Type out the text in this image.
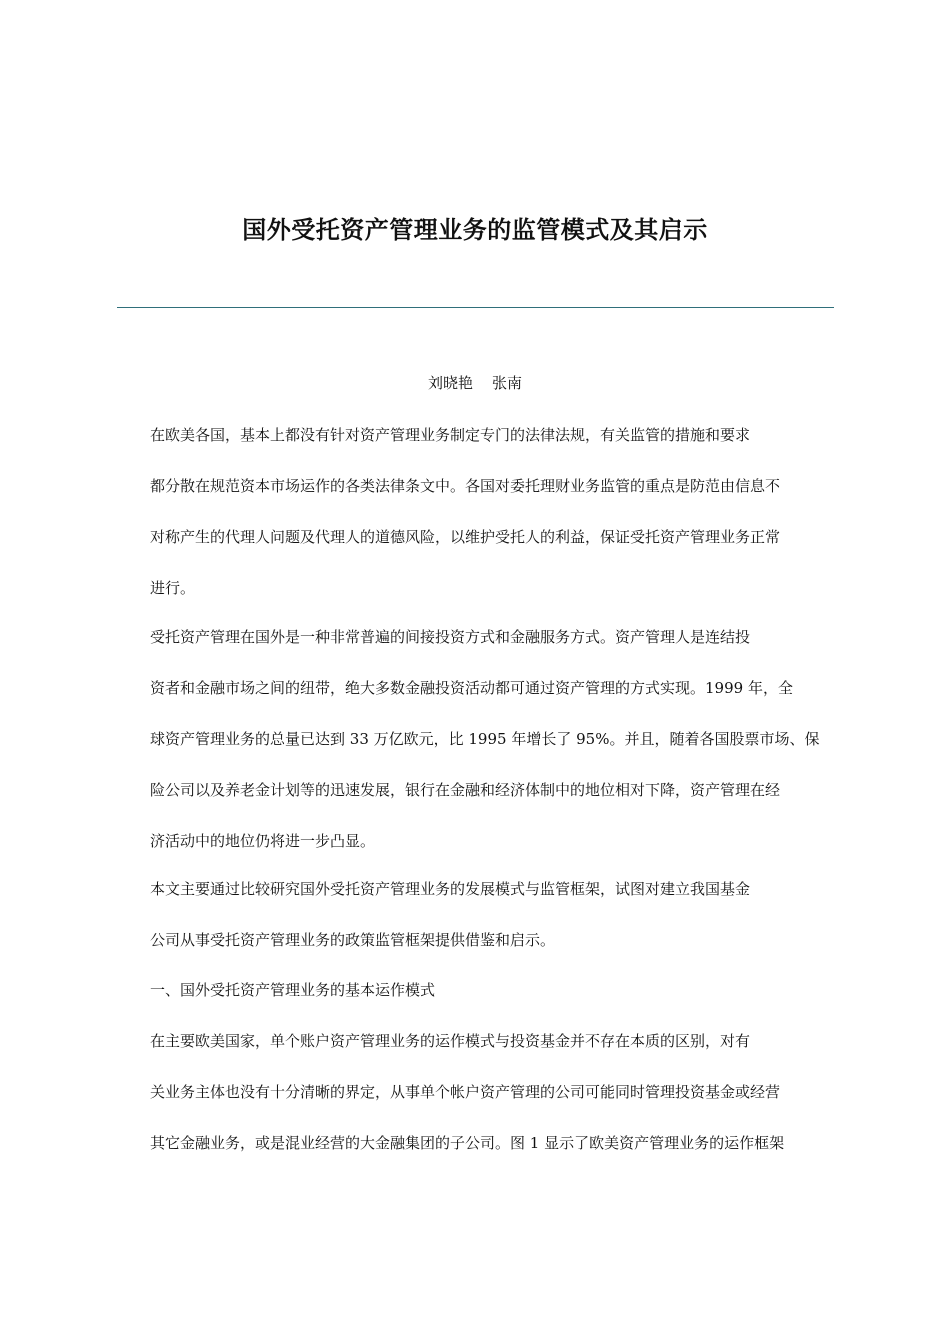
国外受托资产管理业务的监管模式及其启示
刘晓艳    张南

在欧美各国，基本上都没有针对资产管理业务制定专门的法律法规，有关监管的措施和要求
都分散在规范资本市场运作的各类法律条文中。各国对委托理财业务监管的重点是防范由信息不
对称产生的代理人问题及代理人的道德风险，以维护受托人的利益，保证受托资产管理业务正常
进行。

受托资产管理在国外是一种非常普遍的间接投资方式和金融服务方式。资产管理人是连结投
资者和金融市场之间的纽带，绝大多数金融投资活动都可通过资产管理的方式实现。1999 年，全
球资产管理业务的总量已达到 33 万亿欧元，比 1995 年增长了 95%。并且，随着各国股票市场、保
险公司以及养老金计划等的迅速发展，银行在金融和经济体制中的地位相对下降，资产管理在经
济活动中的地位仍将进一步凸显。

本文主要通过比较研究国外受托资产管理业务的发展模式与监管框架，试图对建立我国基金
公司从事受托资产管理业务的政策监管框架提供借鉴和启示。

一、国外受托资产管理业务的基本运作模式

在主要欧美国家，单个账户资产管理业务的运作模式与投资基金并不存在本质的区别，对有
关业务主体也没有十分清晰的界定，从事单个帐户资产管理的公司可能同时管理投资基金或经营
其它金融业务，或是混业经营的大金融集团的子公司。图 1 显示了欧美资产管理业务的运作框架
